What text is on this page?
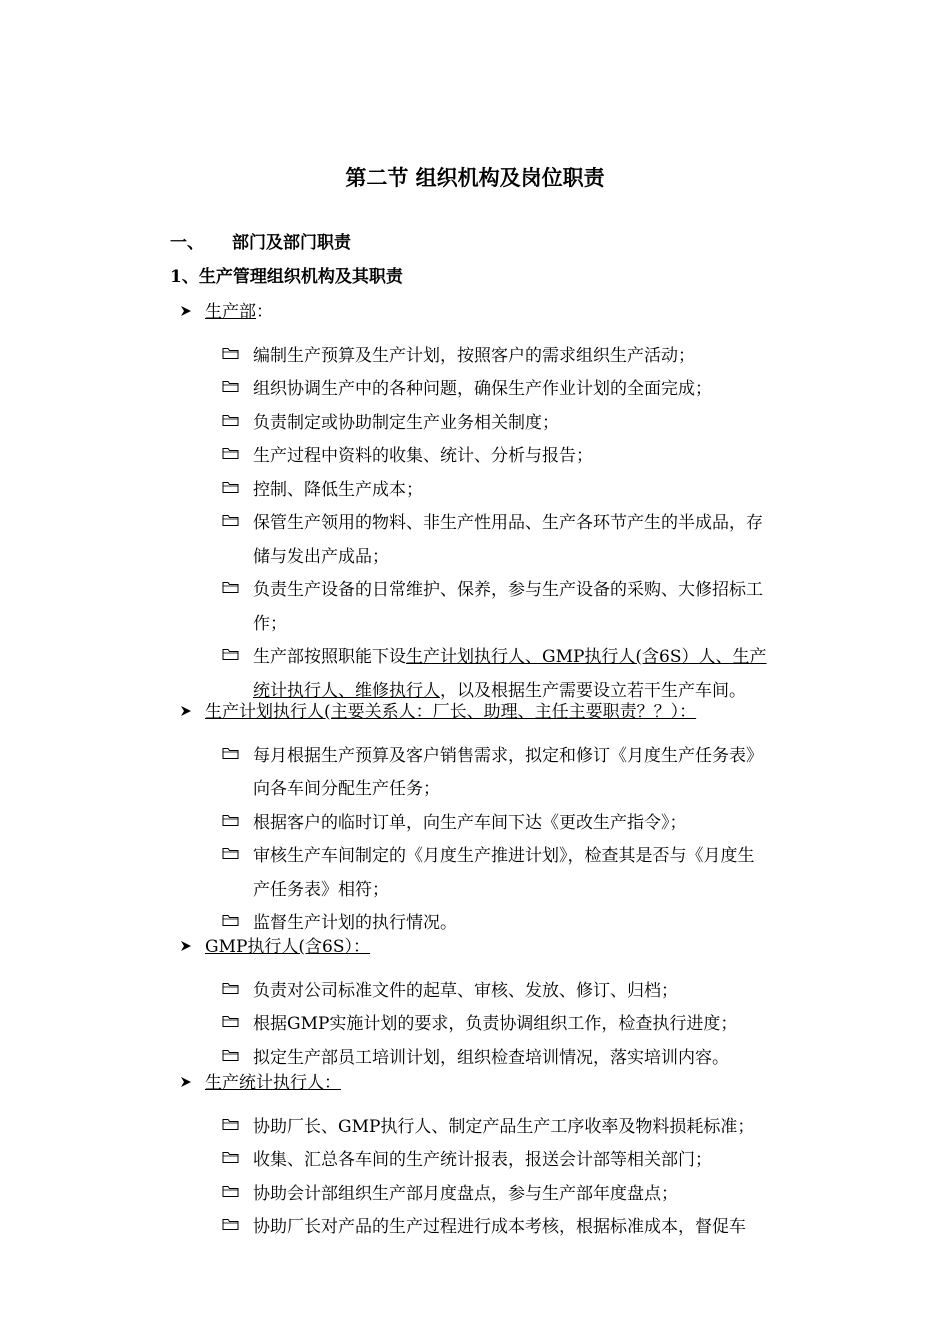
第二节 组织机构及岗位职责
一、 部门及部门职责
1、生产管理组织机构及其职责
生产部：
编制生产预算及生产计划，按照客户的需求组织生产活动；
组织协调生产中的各种问题，确保生产作业计划的全面完成；
负责制定或协助制定生产业务相关制度；
生产过程中资料的收集、统计、分析与报告；
控制、降低生产成本；
保管生产领用的物料、非生产性用品、生产各环节产生的半成品，存
储与发出产成品；
负责生产设备的日常维护、保养，参与生产设备的采购、大修招标工
作；
生产部按照职能下设生产计划执行人、GMP执行人(含6S）人、生产
统计执行人、维修执行人，以及根据生产需要设立若干生产车间。
生产计划执行人(主要关系人：厂长、助理、主任主要职责？？）：
每月根据生产预算及客户销售需求，拟定和修订《月度生产任务表》
向各车间分配生产任务；
根据客户的临时订单，向生产车间下达《更改生产指令》；
审核生产车间制定的《月度生产推进计划》，检查其是否与《月度生
产任务表》相符；
监督生产计划的执行情况。
GMP执行人(含6S）：
负责对公司标准文件的起草、审核、发放、修订、归档；
根据GMP实施计划的要求，负责协调组织工作，检查执行进度；
拟定生产部员工培训计划，组织检查培训情况，落实培训内容。
生产统计执行人：
协助厂长、GMP执行人、制定产品生产工序收率及物料损耗标准；
收集、汇总各车间的生产统计报表，报送会计部等相关部门；
协助会计部组织生产部月度盘点，参与生产部年度盘点；
协助厂长对产品的生产过程进行成本考核，根据标准成本，督促车
